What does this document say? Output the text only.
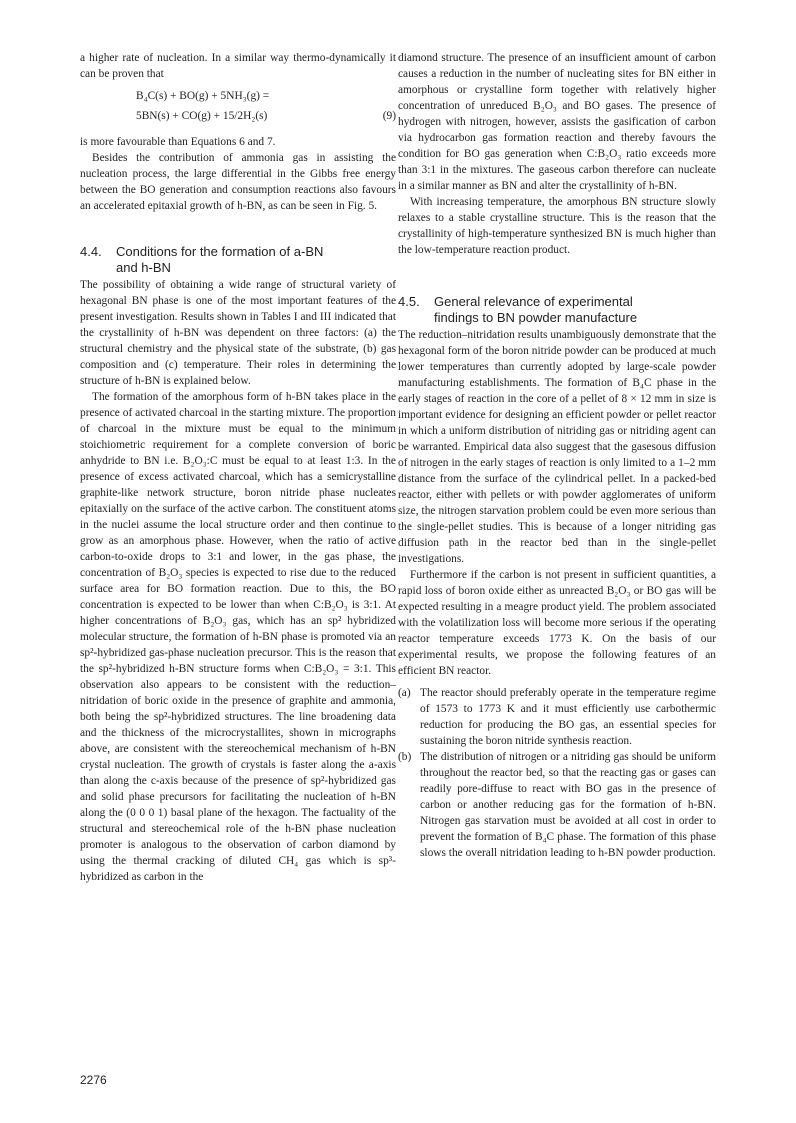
a higher rate of nucleation. In a similar way thermo-dynamically it can be proven that

B₄C(s) + BO(g) + 5NH₃(g) =
5BN(s) + CO(g) + 15/2H₂(s)	(9)

is more favourable than Equations 6 and 7.

Besides the contribution of ammonia gas in assisting the nucleation process, the large differential in the Gibbs free energy between the BO generation and consumption reactions also favours an accelerated epitaxial growth of h-BN, as can be seen in Fig. 5.

4.4. Conditions for the formation of a-BN
and h-BN

The possibility of obtaining a wide range of structural variety of hexagonal BN phase is one of the most important features of the present investigation. Results shown in Tables I and III indicated that the crystallinity of h-BN was dependent on three factors: (a) the structural chemistry and the physical state of the substrate, (b) gas composition and (c) temperature. Their roles in determining the structure of h-BN is explained below.

The formation of the amorphous form of h-BN takes place in the presence of activated charcoal in the starting mixture. The proportion of charcoal in the mixture must be equal to the minimum stoichiometric requirement for a complete conversion of boric anhydride to BN i.e. B₂O₃:C must be equal to at least 1:3. In the presence of excess activated charcoal, which has a semicrystalline graphite-like network structure, boron nitride phase nucleates epitaxially on the surface of the active carbon. The constituent atoms in the nuclei assume the local structure order and then continue to grow as an amorphous phase. However, when the ratio of active carbon-to-oxide drops to 3:1 and lower, in the gas phase, the concentration of B₂O₃ species is expected to rise due to the reduced surface area for BO formation reaction. Due to this, the BO concentration is expected to be lower than when C:B₂O₃ is 3:1. At higher concentrations of B₂O₃ gas, which has an sp² hybridized molecular structure, the formation of h-BN phase is promoted via an sp²-hybridized gas-phase nucleation precursor. This is the reason that the sp²-hybridized h-BN structure forms when C:B₂O₃ = 3:1. This observation also appears to be consistent with the reduction–nitridation of boric oxide in the presence of graphite and ammonia, both being the sp²-hybridized structures. The line broadening data and the thickness of the microcrystallites, shown in micrographs above, are consistent with the stereochemical mechanism of h-BN crystal nucleation. The growth of crystals is faster along the a-axis than along the c-axis because of the presence of sp²-hybridized gas and solid phase precursors for facilitating the nucleation of h-BN along the (0 0 0 1) basal plane of the hexagon. The factuality of the structural and stereochemical role of the h-BN phase nucleation promoter is analogous to the observation of carbon diamond by using the thermal cracking of diluted CH₄ gas which is sp³-hybridized as carbon in the

diamond structure. The presence of an insufficient amount of carbon causes a reduction in the number of nucleating sites for BN either in amorphous or crystalline form together with relatively higher concentration of unreduced B₂O₃ and BO gases. The presence of hydrogen with nitrogen, however, assists the gasification of carbon via hydrocarbon gas formation reaction and thereby favours the condition for BO gas generation when C:B₂O₃ ratio exceeds more than 3:1 in the mixtures. The gaseous carbon therefore can nucleate in a similar manner as BN and alter the crystallinity of h-BN.

With increasing temperature, the amorphous BN structure slowly relaxes to a stable crystalline structure. This is the reason that the crystallinity of high-temperature synthesized BN is much higher than the low-temperature reaction product.

4.5. General relevance of experimental
findings to BN powder manufacture

The reduction–nitridation results unambiguously demonstrate that the hexagonal form of the boron nitride powder can be produced at much lower temperatures than currently adopted by large-scale powder manufacturing establishments. The formation of B₄C phase in the early stages of reaction in the core of a pellet of 8 × 12 mm in size is important evidence for designing an efficient powder or pellet reactor in which a uniform distribution of nitriding gas or nitriding agent can be warranted. Empirical data also suggest that the gasesous diffusion of nitrogen in the early stages of reaction is only limited to a 1–2 mm distance from the surface of the cylindrical pellet. In a packed-bed reactor, either with pellets or with powder agglomerates of uniform size, the nitrogen starvation problem could be even more serious than the single-pellet studies. This is because of a longer nitriding gas diffusion path in the reactor bed than in the single-pellet investigations.

Furthermore if the carbon is not present in sufficient quantities, a rapid loss of boron oxide either as unreacted B₂O₃ or BO gas will be expected resulting in a meagre product yield. The problem associated with the volatilization loss will become more serious if the operating reactor temperature exceeds 1773 K. On the basis of our experimental results, we propose the following features of an efficient BN reactor.

(a) The reactor should preferably operate in the temperature regime of 1573 to 1773 K and it must efficiently use carbothermic reduction for producing the BO gas, an essential species for sustaining the boron nitride synthesis reaction.
(b) The distribution of nitrogen or a nitriding gas should be uniform throughout the reactor bed, so that the reacting gas or gases can readily pore-diffuse to react with BO gas in the presence of carbon or another reducing gas for the formation of h-BN. Nitrogen gas starvation must be avoided at all cost in order to prevent the formation of B₄C phase. The formation of this phase slows the overall nitridation leading to h-BN powder production.
2276
